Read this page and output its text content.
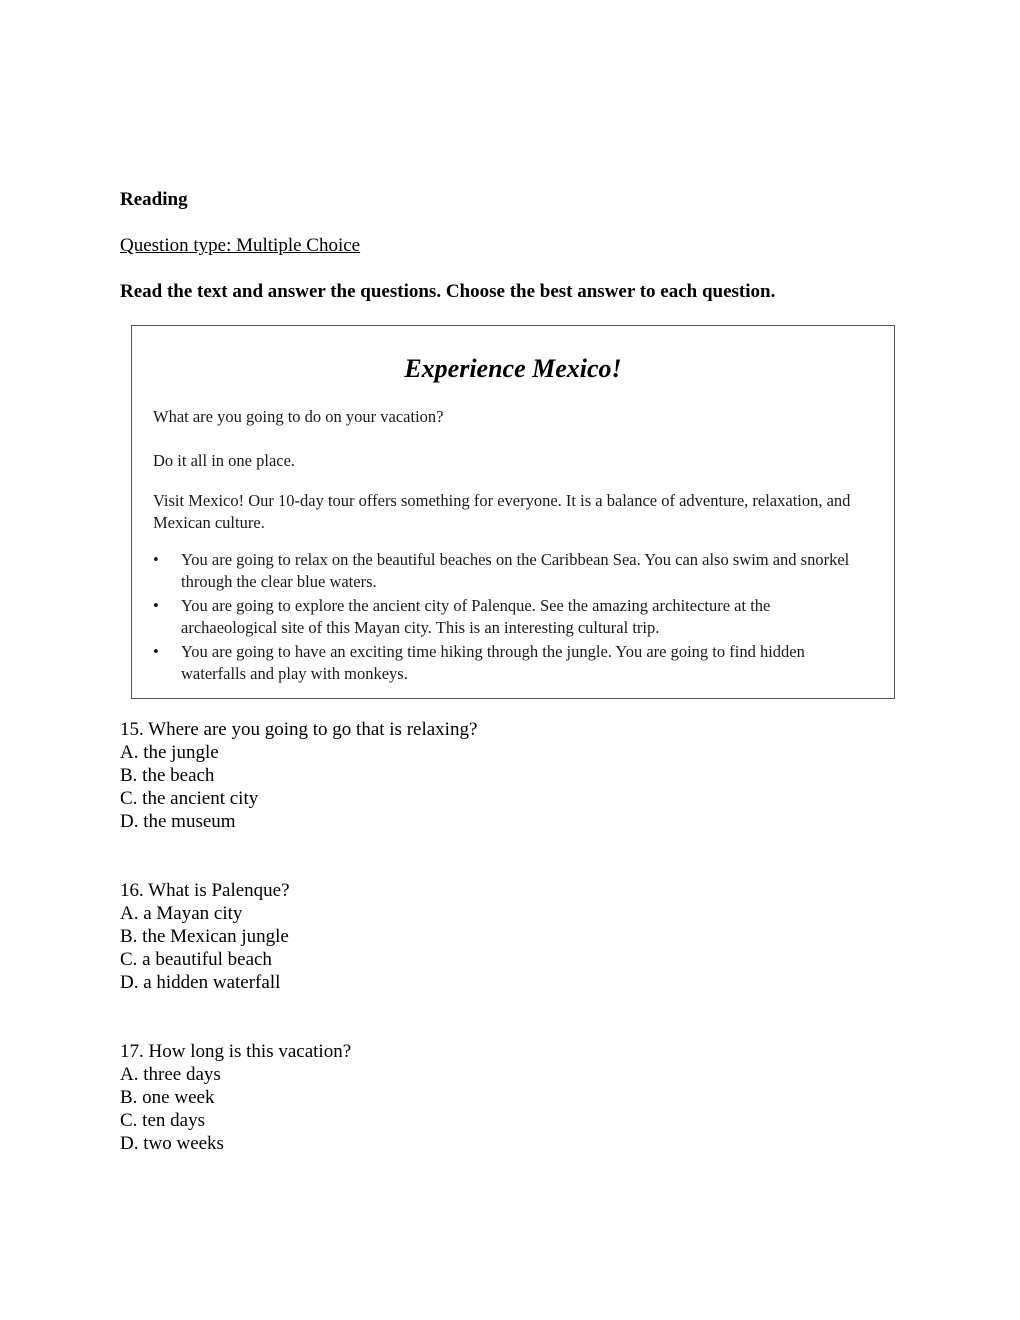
Reading

Question type: Multiple Choice

Read the text and answer the questions. Choose the best answer to each question.

Experience Mexico!

What are you going to do on your vacation?

Do it all in one place.

Visit Mexico! Our 10-day tour offers something for everyone. It is a balance of adventure, relaxation, and Mexican culture.

• You are going to relax on the beautiful beaches on the Caribbean Sea. You can also swim and snorkel through the clear blue waters.
• You are going to explore the ancient city of Palenque. See the amazing architecture at the archaeological site of this Mayan city. This is an interesting cultural trip.
• You are going to have an exciting time hiking through the jungle. You are going to find hidden waterfalls and play with monkeys.
15. Where are you going to go that is relaxing?
A. the jungle
B. the beach
C. the ancient city
D. the museum
16. What is Palenque?
A. a Mayan city
B. the Mexican jungle
C. a beautiful beach
D. a hidden waterfall
17. How long is this vacation?
A. three days
B. one week
C. ten days
D. two weeks
